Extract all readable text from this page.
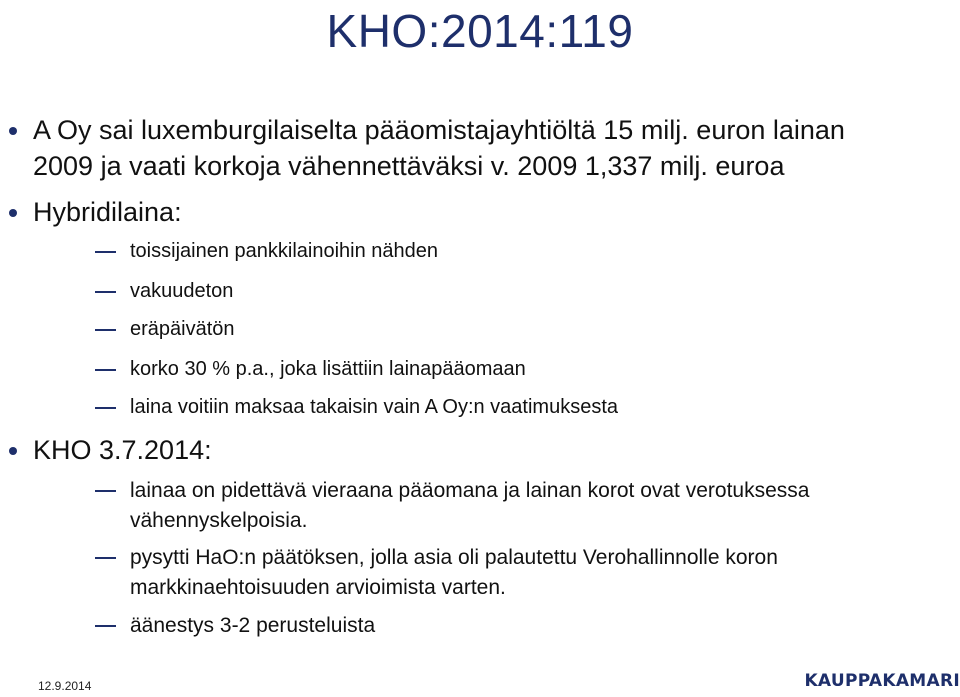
KHO:2014:119
A Oy sai luxemburgilaiselta pääomistajayhtiöltä 15 milj. euron lainan
2009 ja vaati korkoja vähennettäväksi v. 2009 1,337 milj. euroa
Hybridilaina:
toissijainen pankkilainoihin nähden
vakuudeton
eräpäivätön
korko 30 % p.a., joka lisättiin lainapääomaan
laina voitiin maksaa takaisin vain A Oy:n vaatimuksesta
KHO 3.7.2014:
lainaa on pidettävä vieraana pääomana ja lainan korot ovat verotuksessa
vähennyskelpoisia.
pysytti HaO:n päätöksen, jolla asia oli palautettu Verohallinnolle koron
markkinaehtoisuuden arvioimista varten.
äänestys 3-2 perusteluista
12.9.2014	KAUPPAKAMARI
